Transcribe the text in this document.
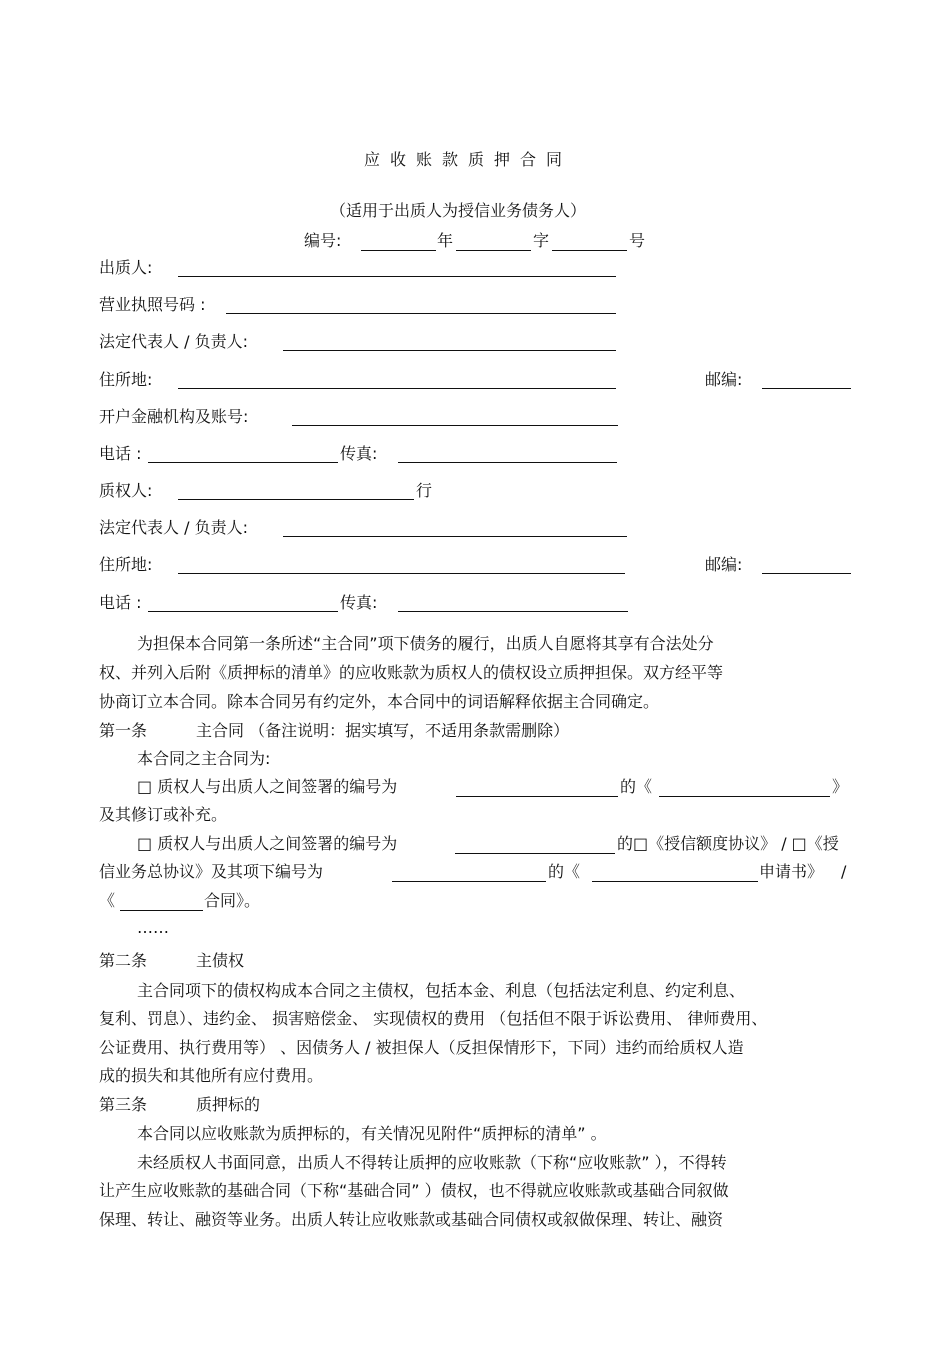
应收账款质押合同
（适用于出质人为授信业务债务人）
编号:	年	字	号
出质人:
营业执照号码 :
法定代表人 / 负责人:
住所地:	邮编:
开户金融机构及账号:
电话 :	传真:
质权人:	行
法定代表人 / 负责人:
住所地:	邮编:
电话 :	传真:
为担保本合同第一条所述“主合同”项下债务的履行，出质人自愿将其享有合法处分
权、并列入后附《质押标的清单》的应收账款为质权人的债权设立质押担保。双方经平等
协商订立本合同。除本合同另有约定外，本合同中的词语解释依据主合同确定。
第一条	主合同 （备注说明：据实填写，不适用条款需删除）
本合同之主合同为:
□ 质权人与出质人之间签署的编号为	的《	》
及其修订或补充。
□ 质权人与出质人之间签署的编号为	的□《授信额度协议》 / □《授
信业务总协议》及其项下编号为	的《	申请书》 /
《	合同》。
……
第二条	主债权
主合同项下的债权构成本合同之主债权，包括本金、利息（包括法定利息、约定利息、
复利、罚息）、违约金、 损害赔偿金、 实现债权的费用 （包括但不限于诉讼费用、 律师费用、
公证费用、执行费用等） 、因债务人 / 被担保人（反担保情形下，下同）违约而给质权人造
成的损失和其他所有应付费用。
第三条	质押标的
本合同以应收账款为质押标的，有关情况见附件“质押标的清单” 。
未经质权人书面同意，出质人不得转让质押的应收账款（下称“应收账款” ），不得转
让产生应收账款的基础合同（下称“基础合同” ）债权，也不得就应收账款或基础合同叙做
保理、转让、融资等业务。出质人转让应收账款或基础合同债权或叙做保理、转让、融资
